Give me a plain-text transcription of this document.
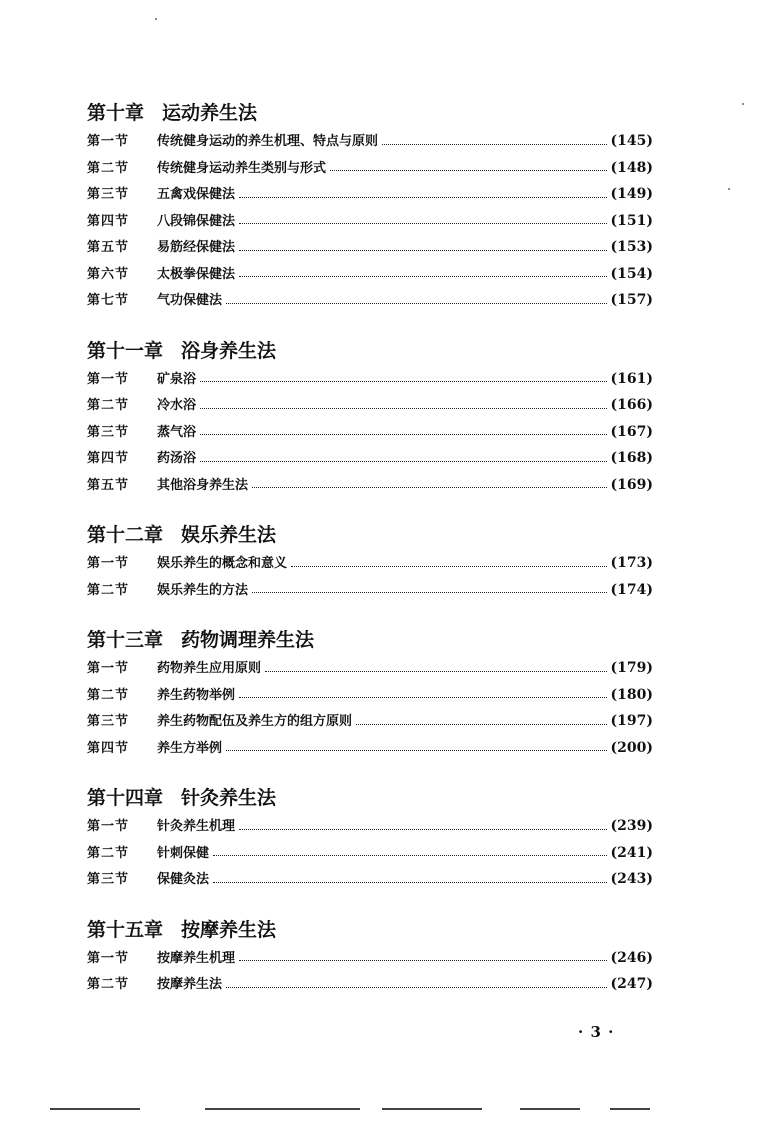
第十章 运动养生法
第一节	传统健身运动的养生机理、特点与原则	(145)
第二节	传统健身运动养生类别与形式	(148)
第三节	五禽戏保健法	(149)
第四节	八段锦保健法	(151)
第五节	易筋经保健法	(153)
第六节	太极拳保健法	(154)
第七节	气功保健法	(157)
第十一章 浴身养生法
第一节	矿泉浴	(161)
第二节	冷水浴	(166)
第三节	蒸气浴	(167)
第四节	药汤浴	(168)
第五节	其他浴身养生法	(169)
第十二章 娱乐养生法
第一节	娱乐养生的概念和意义	(173)
第二节	娱乐养生的方法	(174)
第十三章 药物调理养生法
第一节	药物养生应用原则	(179)
第二节	养生药物举例	(180)
第三节	养生药物配伍及养生方的组方原则	(197)
第四节	养生方举例	(200)
第十四章 针灸养生法
第一节	针灸养生机理	(239)
第二节	针刺保健	(241)
第三节	保健灸法	(243)
第十五章 按摩养生法
第一节	按摩养生机理	(246)
第二节	按摩养生法	(247)
· 3 ·
